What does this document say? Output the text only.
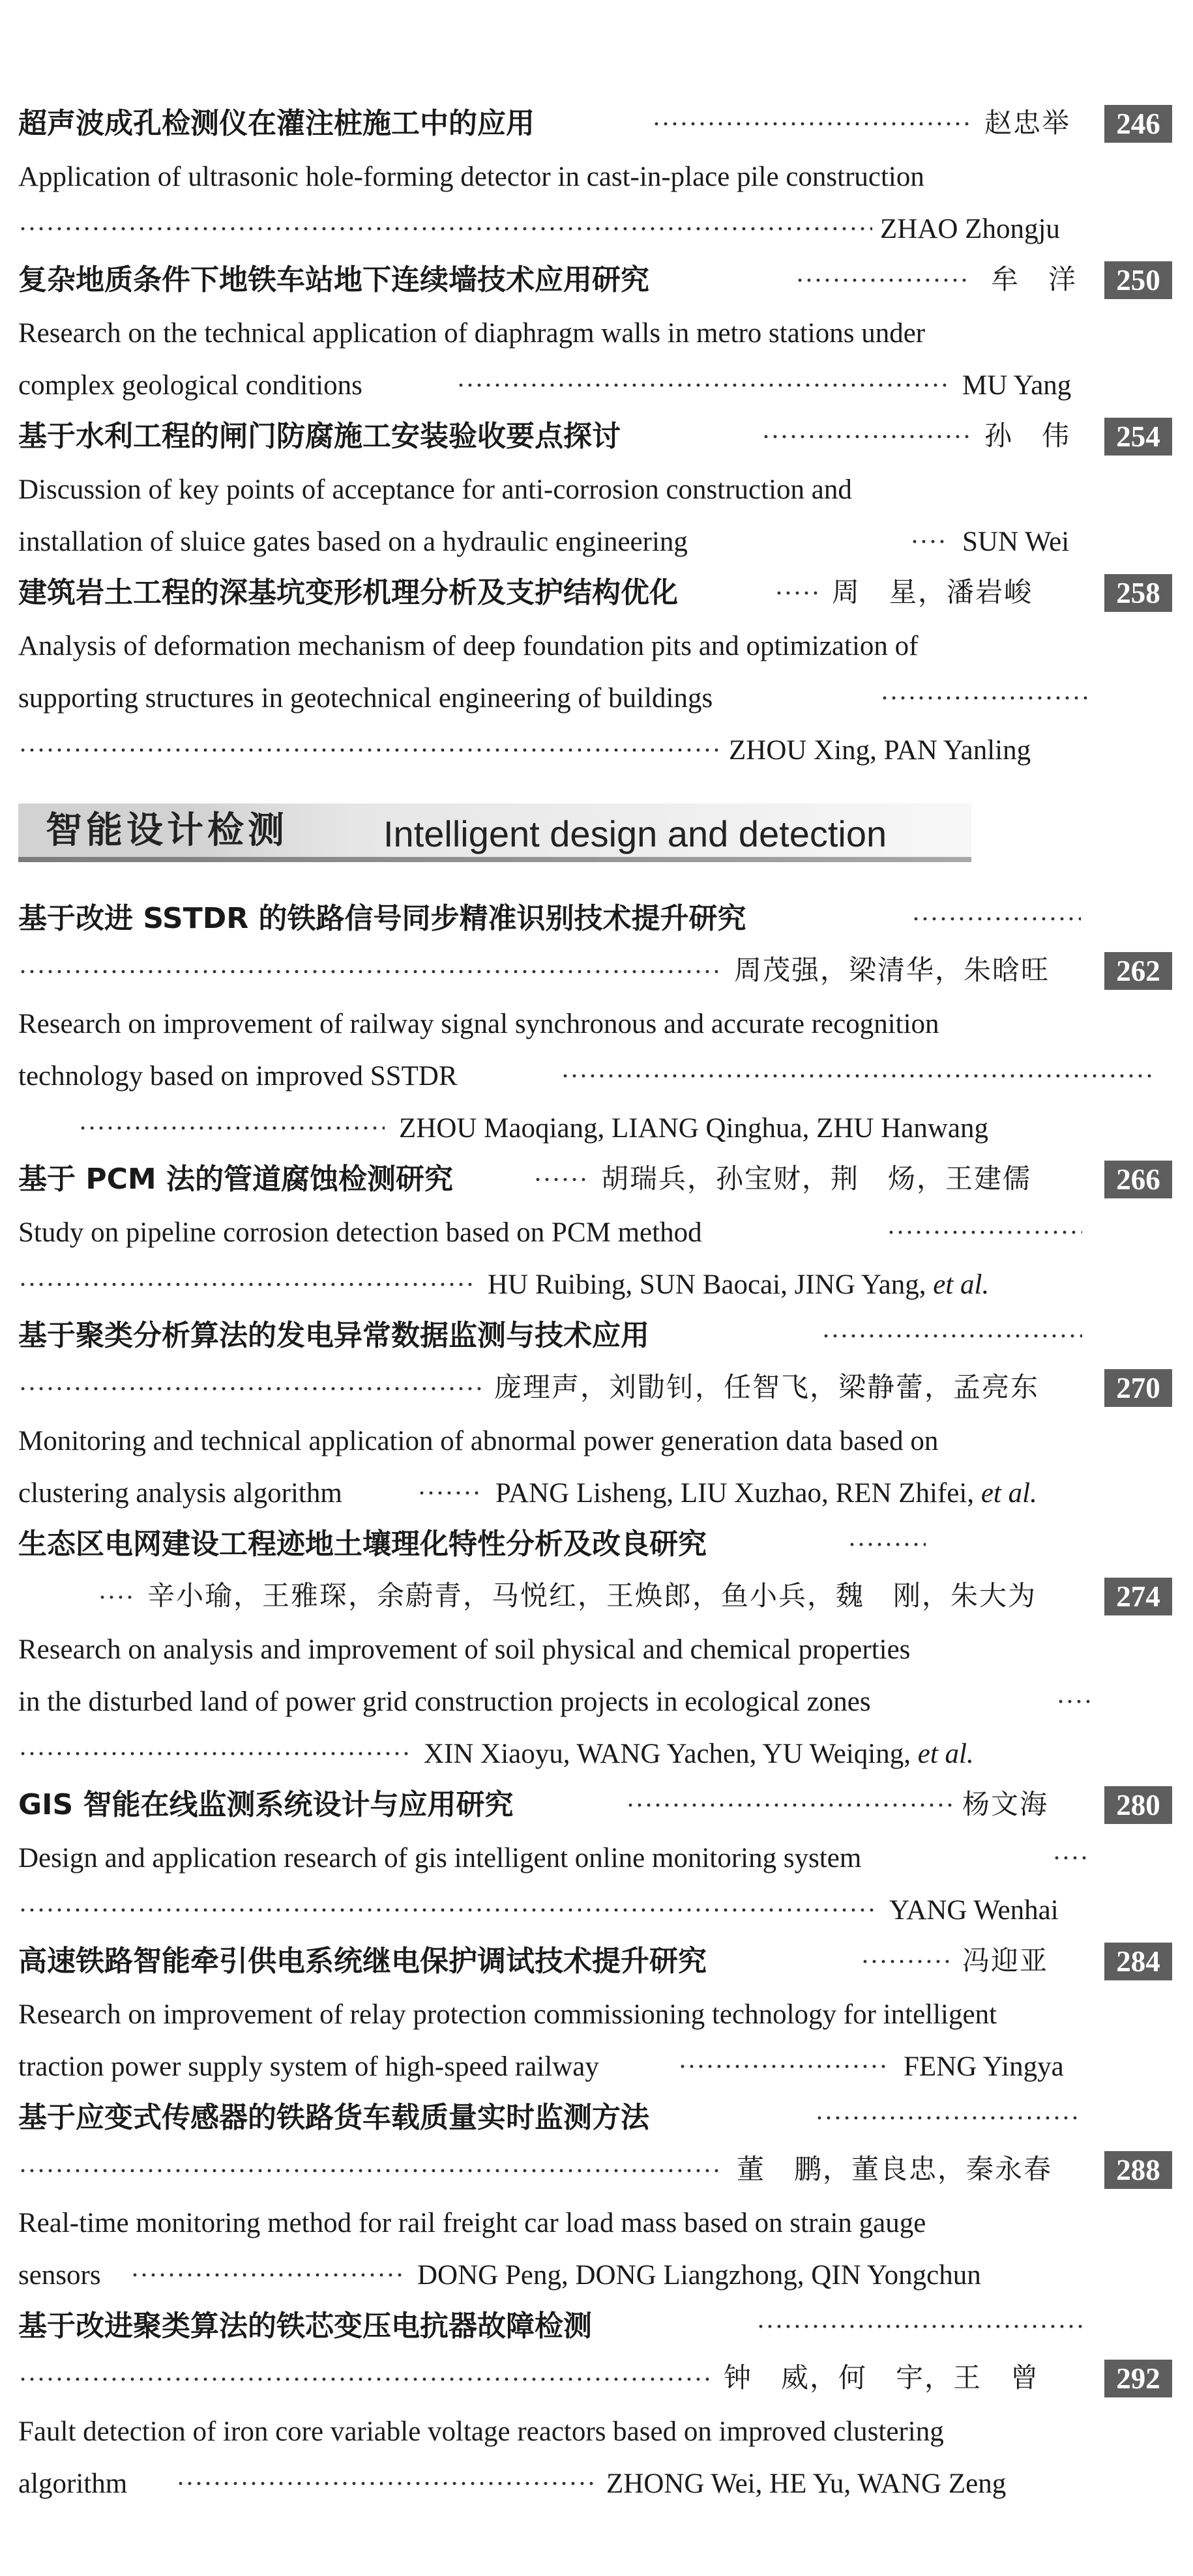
超声波成孔检测仪在灌注桩施工中的应用	赵忠举	246
Application of ultrasonic hole-forming detector in cast-in-place pile construction
ZHAO Zhongju
复杂地质条件下地铁车站地下连续墙技术应用研究	牟　洋	250
Research on the technical application of diaphragm walls in metro stations under
complex geological conditions	MU Yang
基于水利工程的闸门防腐施工安装验收要点探讨	孙　伟	254
Discussion of key points of acceptance for anti-corrosion construction and
installation of sluice gates based on a hydraulic engineering	SUN Wei
建筑岩土工程的深基坑变形机理分析及支护结构优化	周　星，潘岩峻	258
Analysis of deformation mechanism of deep foundation pits and optimization of
supporting structures in geotechnical engineering of buildings
ZHOU Xing, PAN Yanling
智能设计检测	Intelligent design and detection
基于改进 SSTDR 的铁路信号同步精准识别技术提升研究
周茂强，梁清华，朱晗旺	262
Research on improvement of railway signal synchronous and accurate recognition
technology based on improved SSTDR
ZHOU Maoqiang, LIANG Qinghua, ZHU Hanwang
基于 PCM 法的管道腐蚀检测研究	胡瑞兵，孙宝财，荆　炀，王建儒	266
Study on pipeline corrosion detection based on PCM method
HU Ruibing, SUN Baocai, JING Yang, et al.
基于聚类分析算法的发电异常数据监测与技术应用
庞理声，刘勖钊，任智飞，梁静蕾，孟亮东	270
Monitoring and technical application of abnormal power generation data based on
clustering analysis algorithm	PANG Lisheng, LIU Xuzhao, REN Zhifei, et al.
生态区电网建设工程迹地土壤理化特性分析及改良研究
辛小瑜，王雅琛，余蔚青，马悦红，王焕郎，鱼小兵，魏　刚，朱大为	274
Research on analysis and improvement of soil physical and chemical properties
in the disturbed land of power grid construction projects in ecological zones
XIN Xiaoyu, WANG Yachen, YU Weiqing, et al.
GIS 智能在线监测系统设计与应用研究	杨文海	280
Design and application research of gis intelligent online monitoring system
YANG Wenhai
高速铁路智能牵引供电系统继电保护调试技术提升研究	冯迎亚	284
Research on improvement of relay protection commissioning technology for intelligent
traction power supply system of high-speed railway	FENG Yingya
基于应变式传感器的铁路货车载质量实时监测方法
董　鹏，董良忠，秦永春	288
Real-time monitoring method for rail freight car load mass based on strain gauge
sensors	DONG Peng, DONG Liangzhong, QIN Yongchun
基于改进聚类算法的铁芯变压电抗器故障检测
钟　威，何　宇，王　曾	292
Fault detection of iron core variable voltage reactors based on improved clustering
algorithm	ZHONG Wei, HE Yu, WANG Zeng
